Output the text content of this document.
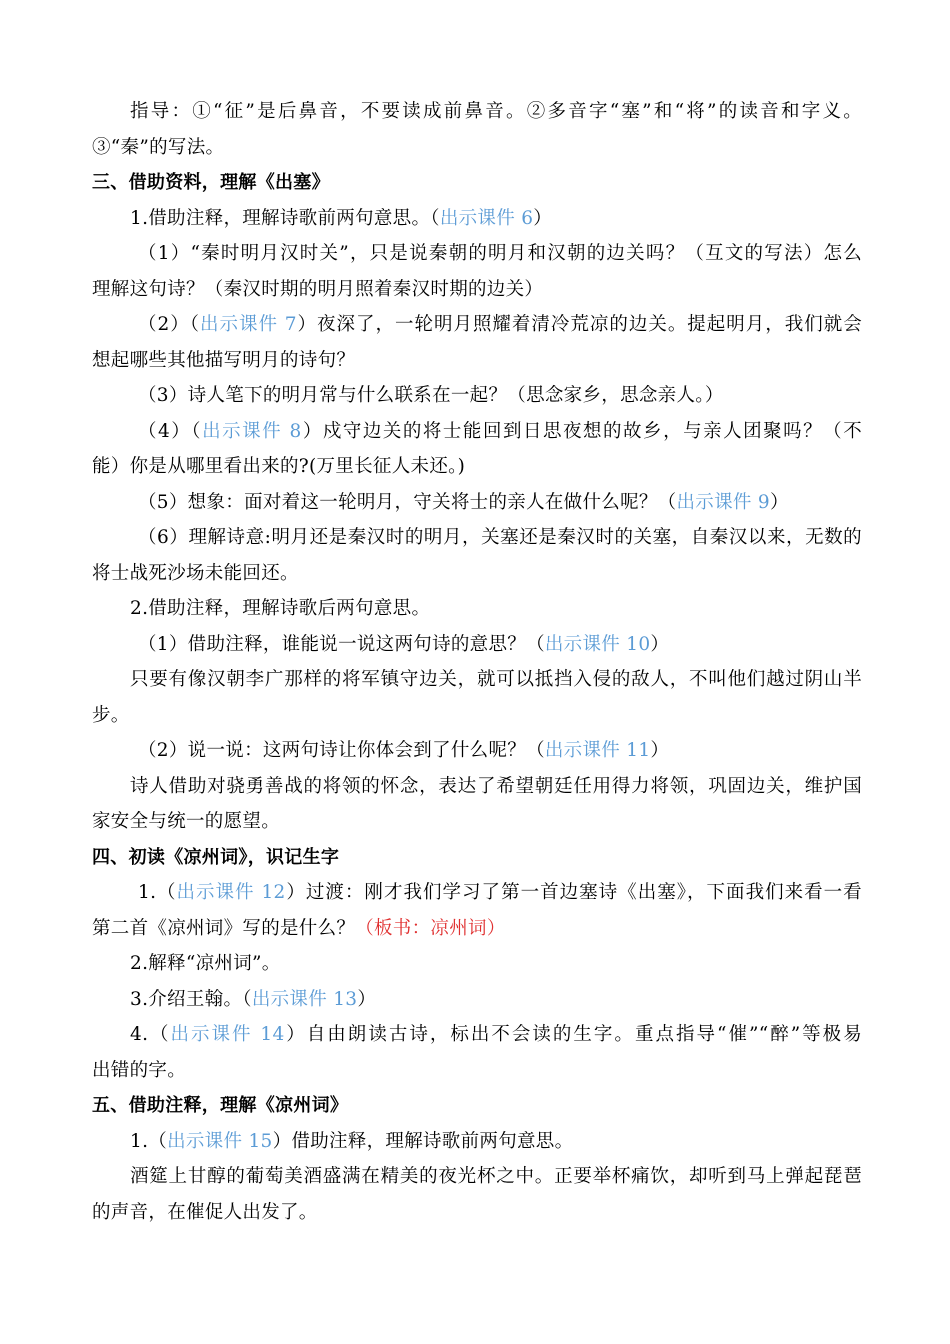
指导：①“征”是后鼻音，不要读成前鼻音。②多音字“塞”和“将”的读音和字义。
③“秦”的写法。
三、借助资料，理解《出塞》
1.借助注释，理解诗歌前两句意思。（出示课件 6）
（1）“秦时明月汉时关”，只是说秦朝的明月和汉朝的边关吗？（互文的写法）怎么
理解这句诗？（秦汉时期的明月照着秦汉时期的边关）
（2）（出示课件 7）夜深了，一轮明月照耀着清冷荒凉的边关。提起明月，我们就会
想起哪些其他描写明月的诗句？
（3）诗人笔下的明月常与什么联系在一起？（思念家乡，思念亲人。）
（4）（出示课件 8）戍守边关的将士能回到日思夜想的故乡，与亲人团聚吗？（不
能）你是从哪里看出来的?(万里长征人未还。)
（5）想象：面对着这一轮明月，守关将士的亲人在做什么呢？（出示课件 9）
（6）理解诗意:明月还是秦汉时的明月，关塞还是秦汉时的关塞，自秦汉以来，无数的
将士战死沙场未能回还。
2.借助注释，理解诗歌后两句意思。
（1）借助注释，谁能说一说这两句诗的意思？（出示课件 10）
只要有像汉朝李广那样的将军镇守边关，就可以抵挡入侵的敌人，不叫他们越过阴山半
步。
（2）说一说：这两句诗让你体会到了什么呢？（出示课件 11）
诗人借助对骁勇善战的将领的怀念，表达了希望朝廷任用得力将领，巩固边关，维护国
家安全与统一的愿望。
四、初读《凉州词》，识记生字
1.（出示课件 12）过渡：刚才我们学习了第一首边塞诗《出塞》，下面我们来看一看
第二首《凉州词》写的是什么？（板书：凉州词）
2.解释“凉州词”。
3.介绍王翰。（出示课件 13）
4.（出示课件 14）自由朗读古诗，标出不会读的生字。重点指导“催”“醉”等极易
出错的字。
五、借助注释，理解《凉州词》
1.（出示课件 15）借助注释，理解诗歌前两句意思。
酒筵上甘醇的葡萄美酒盛满在精美的夜光杯之中。正要举杯痛饮，却听到马上弹起琵琶
的声音，在催促人出发了。
